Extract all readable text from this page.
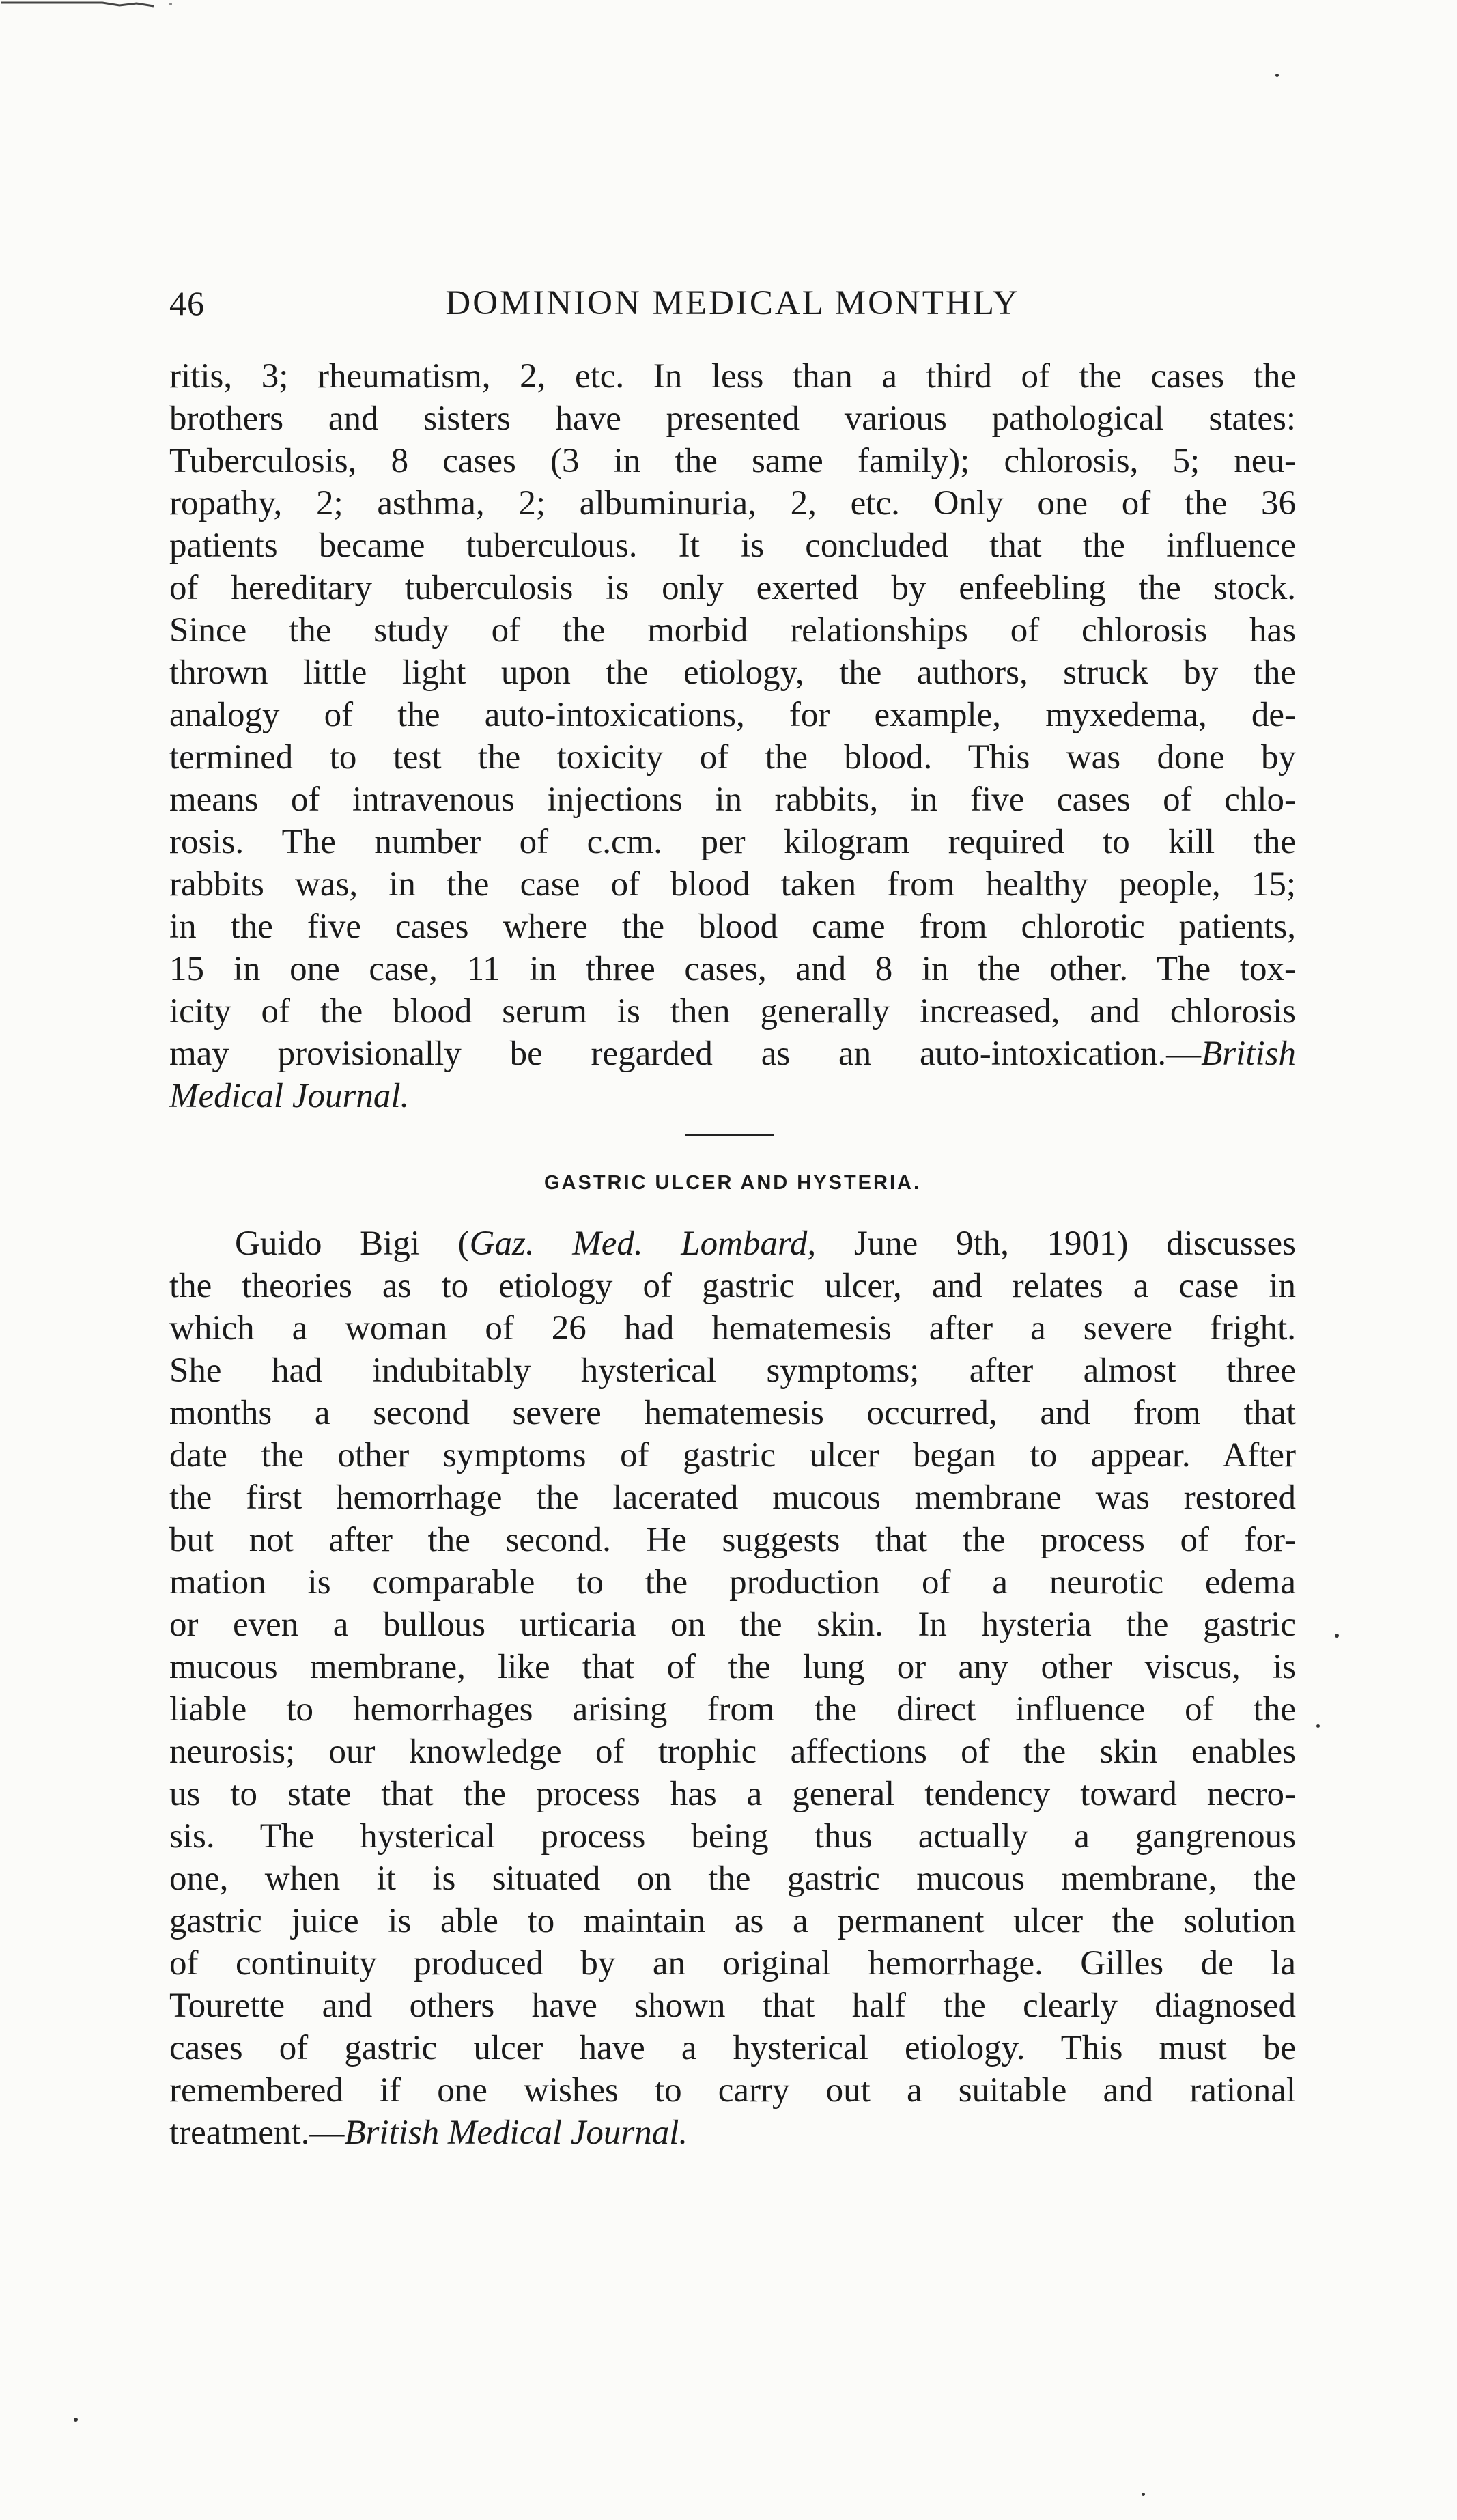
46	DOMINION MEDICAL MONTHLY
ritis, 3; rheumatism, 2, etc. In less than a third of the cases the
brothers and sisters have presented various pathological states:
Tuberculosis, 8 cases (3 in the same family); chlorosis, 5; neu-
ropathy, 2; asthma, 2; albuminuria, 2, etc. Only one of the 36
patients became tuberculous. It is concluded that the influence
of hereditary tuberculosis is only exerted by enfeebling the stock.
Since the study of the morbid relationships of chlorosis has
thrown little light upon the etiology, the authors, struck by the
analogy of the auto-intoxications, for example, myxedema, de-
termined to test the toxicity of the blood. This was done by
means of intravenous injections in rabbits, in five cases of chlo-
rosis. The number of c.cm. per kilogram required to kill the
rabbits was, in the case of blood taken from healthy people, 15;
in the five cases where the blood came from chlorotic patients,
15 in one case, 11 in three cases, and 8 in the other. The tox-
icity of the blood serum is then generally increased, and chlorosis
may provisionally be regarded as an auto-intoxication.—British
Medical Journal.
GASTRIC ULCER AND HYSTERIA.
Guido Bigi (Gaz. Med. Lombard, June 9th, 1901) discusses
the theories as to etiology of gastric ulcer, and relates a case in
which a woman of 26 had hematemesis after a severe fright.
She had indubitably hysterical symptoms; after almost three
months a second severe hematemesis occurred, and from that
date the other symptoms of gastric ulcer began to appear. After
the first hemorrhage the lacerated mucous membrane was restored
but not after the second. He suggests that the process of for-
mation is comparable to the production of a neurotic edema
or even a bullous urticaria on the skin. In hysteria the gastric
mucous membrane, like that of the lung or any other viscus, is
liable to hemorrhages arising from the direct influence of the
neurosis; our knowledge of trophic affections of the skin enables
us to state that the process has a general tendency toward necro-
sis. The hysterical process being thus actually a gangrenous
one, when it is situated on the gastric mucous membrane, the
gastric juice is able to maintain as a permanent ulcer the solution
of continuity produced by an original hemorrhage. Gilles de la
Tourette and others have shown that half the clearly diagnosed
cases of gastric ulcer have a hysterical etiology. This must be
remembered if one wishes to carry out a suitable and rational
treatment.—British Medical Journal.
